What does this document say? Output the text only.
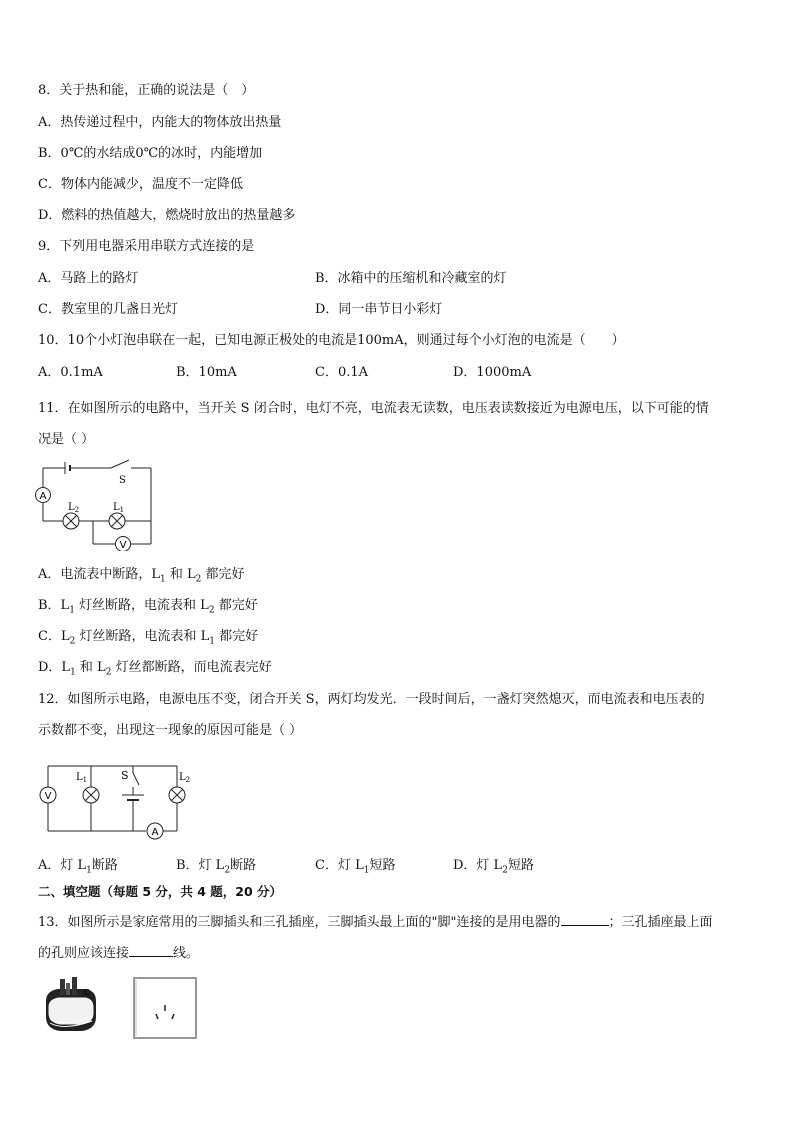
8．关于热和能，正确的说法是（　）
A．热传递过程中，内能大的物体放出热量
B．0℃的水结成0℃的冰时，内能增加
C．物体内能减少，温度不一定降低
D．燃料的热值越大，燃烧时放出的热量越多
9．下列用电器采用串联方式连接的是
A．马路上的路灯	B．冰箱中的压缩机和冷藏室的灯
C．教室里的几盏日光灯	D．同一串节日小彩灯
10．10个小灯泡串联在一起，已知电源正极处的电流是100mA，则通过每个小灯泡的电流是（　　）
A．0.1mA	B．10mA	C．0.1A	D．1000mA
11．在如图所示的电路中，当开关 S 闭合时，电灯不亮，电流表无读数，电压表读数接近为电源电压，以下可能的情
况是（ ）
A
V
S
$L_2$	$L_1$
A．电流表中断路，$L_1$ 和 $L_2$ 都完好
B．$L_1$ 灯丝断路，电流表和 $L_2$ 都完好
C．$L_2$ 灯丝断路，电流表和 $L_1$ 都完好
D．$L_1$ 和 $L_2$ 灯丝都断路，而电流表完好
12．如图所示电路，电源电压不变，闭合开关 S，两灯均发光．一段时间后，一盏灯突然熄灭，而电流表和电压表的
示数都不变，出现这一现象的原因可能是（ ）
V
A
S
$L_1$	$L_2$
A．灯 $L_1$断路	B．灯 $L_2$断路	C．灯 $L_1$短路	D．灯 $L_2$短路
二、填空题（每题 5 分，共 4 题，20 分）
13．如图所示是家庭常用的三脚插头和三孔插座，三脚插头最上面的"脚"连接的是用电器的	；三孔插座最上面
的孔则应该连接	线。
C
